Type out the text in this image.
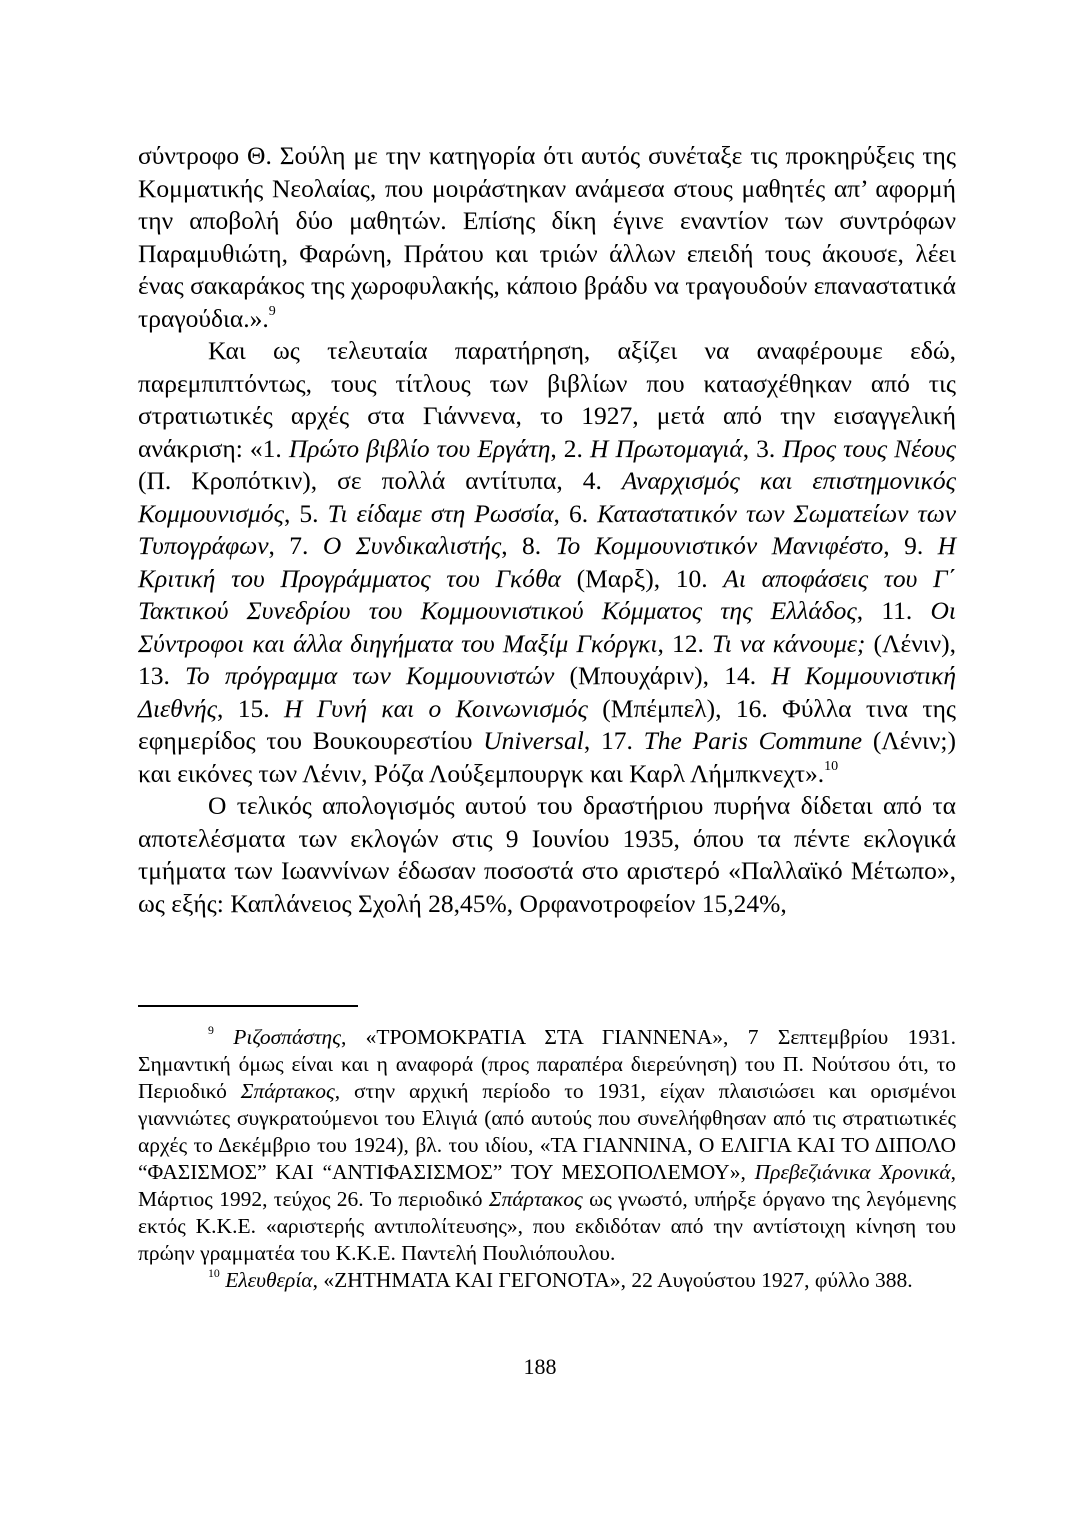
σύντροφο Θ. Σούλη με την κατηγορία ότι αυτός συνέταξε τις προκηρύξεις της Κομματικής Νεολαίας, που μοιράστηκαν ανάμεσα στους μαθητές απ’ αφορμή την αποβολή δύο μαθητών. Επίσης δίκη έγινε εναντίον των συντρόφων Παραμυθιώτη, Φαρώνη, Πράτου και τριών άλλων επειδή τους άκουσε, λέει ένας σακαράκος της χωροφυλακής, κάποιο βράδυ να τραγουδούν επαναστατικά τραγούδια.».$^9$

Και ως τελευταία παρατήρηση, αξίζει να αναφέρουμε εδώ, παρεμπιπτόντως, τους τίτλους των βιβλίων που κατασχέθηκαν από τις στρατιωτικές αρχές στα Γιάννενα, το 1927, μετά από την εισαγγελική ανάκριση: «1. Πρώτο βιβλίο του Εργάτη, 2. Η Πρωτομαγιά, 3. Προς τους Νέους (Π. Κροπότκιν), σε πολλά αντίτυπα, 4. Αναρχισμός και επιστημονικός Κομμουνισμός, 5. Τι είδαμε στη Ρωσσία, 6. Καταστατικόν των Σωματείων των Τυπογράφων, 7. Ο Συνδικαλιστής, 8. Το Κομμουνιστικόν Μανιφέστο, 9. Η Κριτική του Προγράμματος του Γκόθα (Μαρξ), 10. Αι αποφάσεις του Γ΄ Τακτικού Συνεδρίου του Κομμουνιστικού Κόμματος της Ελλάδος, 11. Οι Σύντροφοι και άλλα διηγήματα του Μαξίμ Γκόργκι, 12. Τι να κάνουμε; (Λένιν), 13. Το πρόγραμμα των Κομμουνιστών (Μπουχάριν), 14. Η Κομμουνιστική Διεθνής, 15. Η Γυνή και ο Κοινωνισμός (Μπέμπελ), 16. Φύλλα τινα της εφημερίδος του Βουκουρεστίου Universal, 17. The Paris Commune (Λένιν;) και εικόνες των Λένιν, Ρόζα Λούξεμπουργκ και Καρλ Λήμπκνεχτ».$^{10}$

Ο τελικός απολογισμός αυτού του δραστήριου πυρήνα δίδεται από τα αποτελέσματα των εκλογών στις 9 Ιουνίου 1935, όπου τα πέντε εκλογικά τμήματα των Ιωαννίνων έδωσαν ποσοστά στο αριστερό «Παλλαϊκό Μέτωπο», ως εξής: Καπλάνειος Σχολή 28,45%, Ορφανοτροφείον 15,24%,

$^9$ Ριζοσπάστης, «ΤΡΟΜΟΚΡΑΤΙΑ ΣΤΑ ΓΙΑΝΝΕΝΑ», 7 Σεπτεμβρίου 1931. Σημαντική όμως είναι και η αναφορά (προς παραπέρα διερεύνηση) του Π. Νούτσου ότι, το Περιοδικό Σπάρτακος, στην αρχική περίοδο το 1931, είχαν πλαισιώσει και ορισμένοι γιαννιώτες συγκρατούμενοι του Ελιγιά (από αυτούς που συνελήφθησαν από τις στρατιωτικές αρχές το Δεκέμβριο του 1924), βλ. του ιδίου, «ΤΑ ΓΙΑΝΝΙΝΑ, Ο ΕΛΙΓΙΑ ΚΑΙ ΤΟ ΔΙΠΟΛΟ “ΦΑΣΙΣΜΟΣ” ΚΑΙ “ΑΝΤΙΦΑΣΙΣΜΟΣ” ΤΟΥ ΜΕΣΟΠΟΛΕΜΟΥ», Πρεβεζιάνικα Χρονικά, Μάρτιος 1992, τεύχος 26. Το περιοδικό Σπάρτακος ως γνωστό, υπήρξε όργανο της λεγόμενης εκτός Κ.Κ.Ε. «αριστερής αντιπολίτευσης», που εκδιδόταν από την αντίστοιχη κίνηση του πρώην γραμματέα του Κ.Κ.Ε. Παντελή Πουλιόπουλου.

$^{10}$ Ελευθερία, «ΖΗΤΗΜΑΤΑ ΚΑΙ ΓΕΓΟΝΟΤΑ», 22 Αυγούστου 1927, φύλλο 388.

188
